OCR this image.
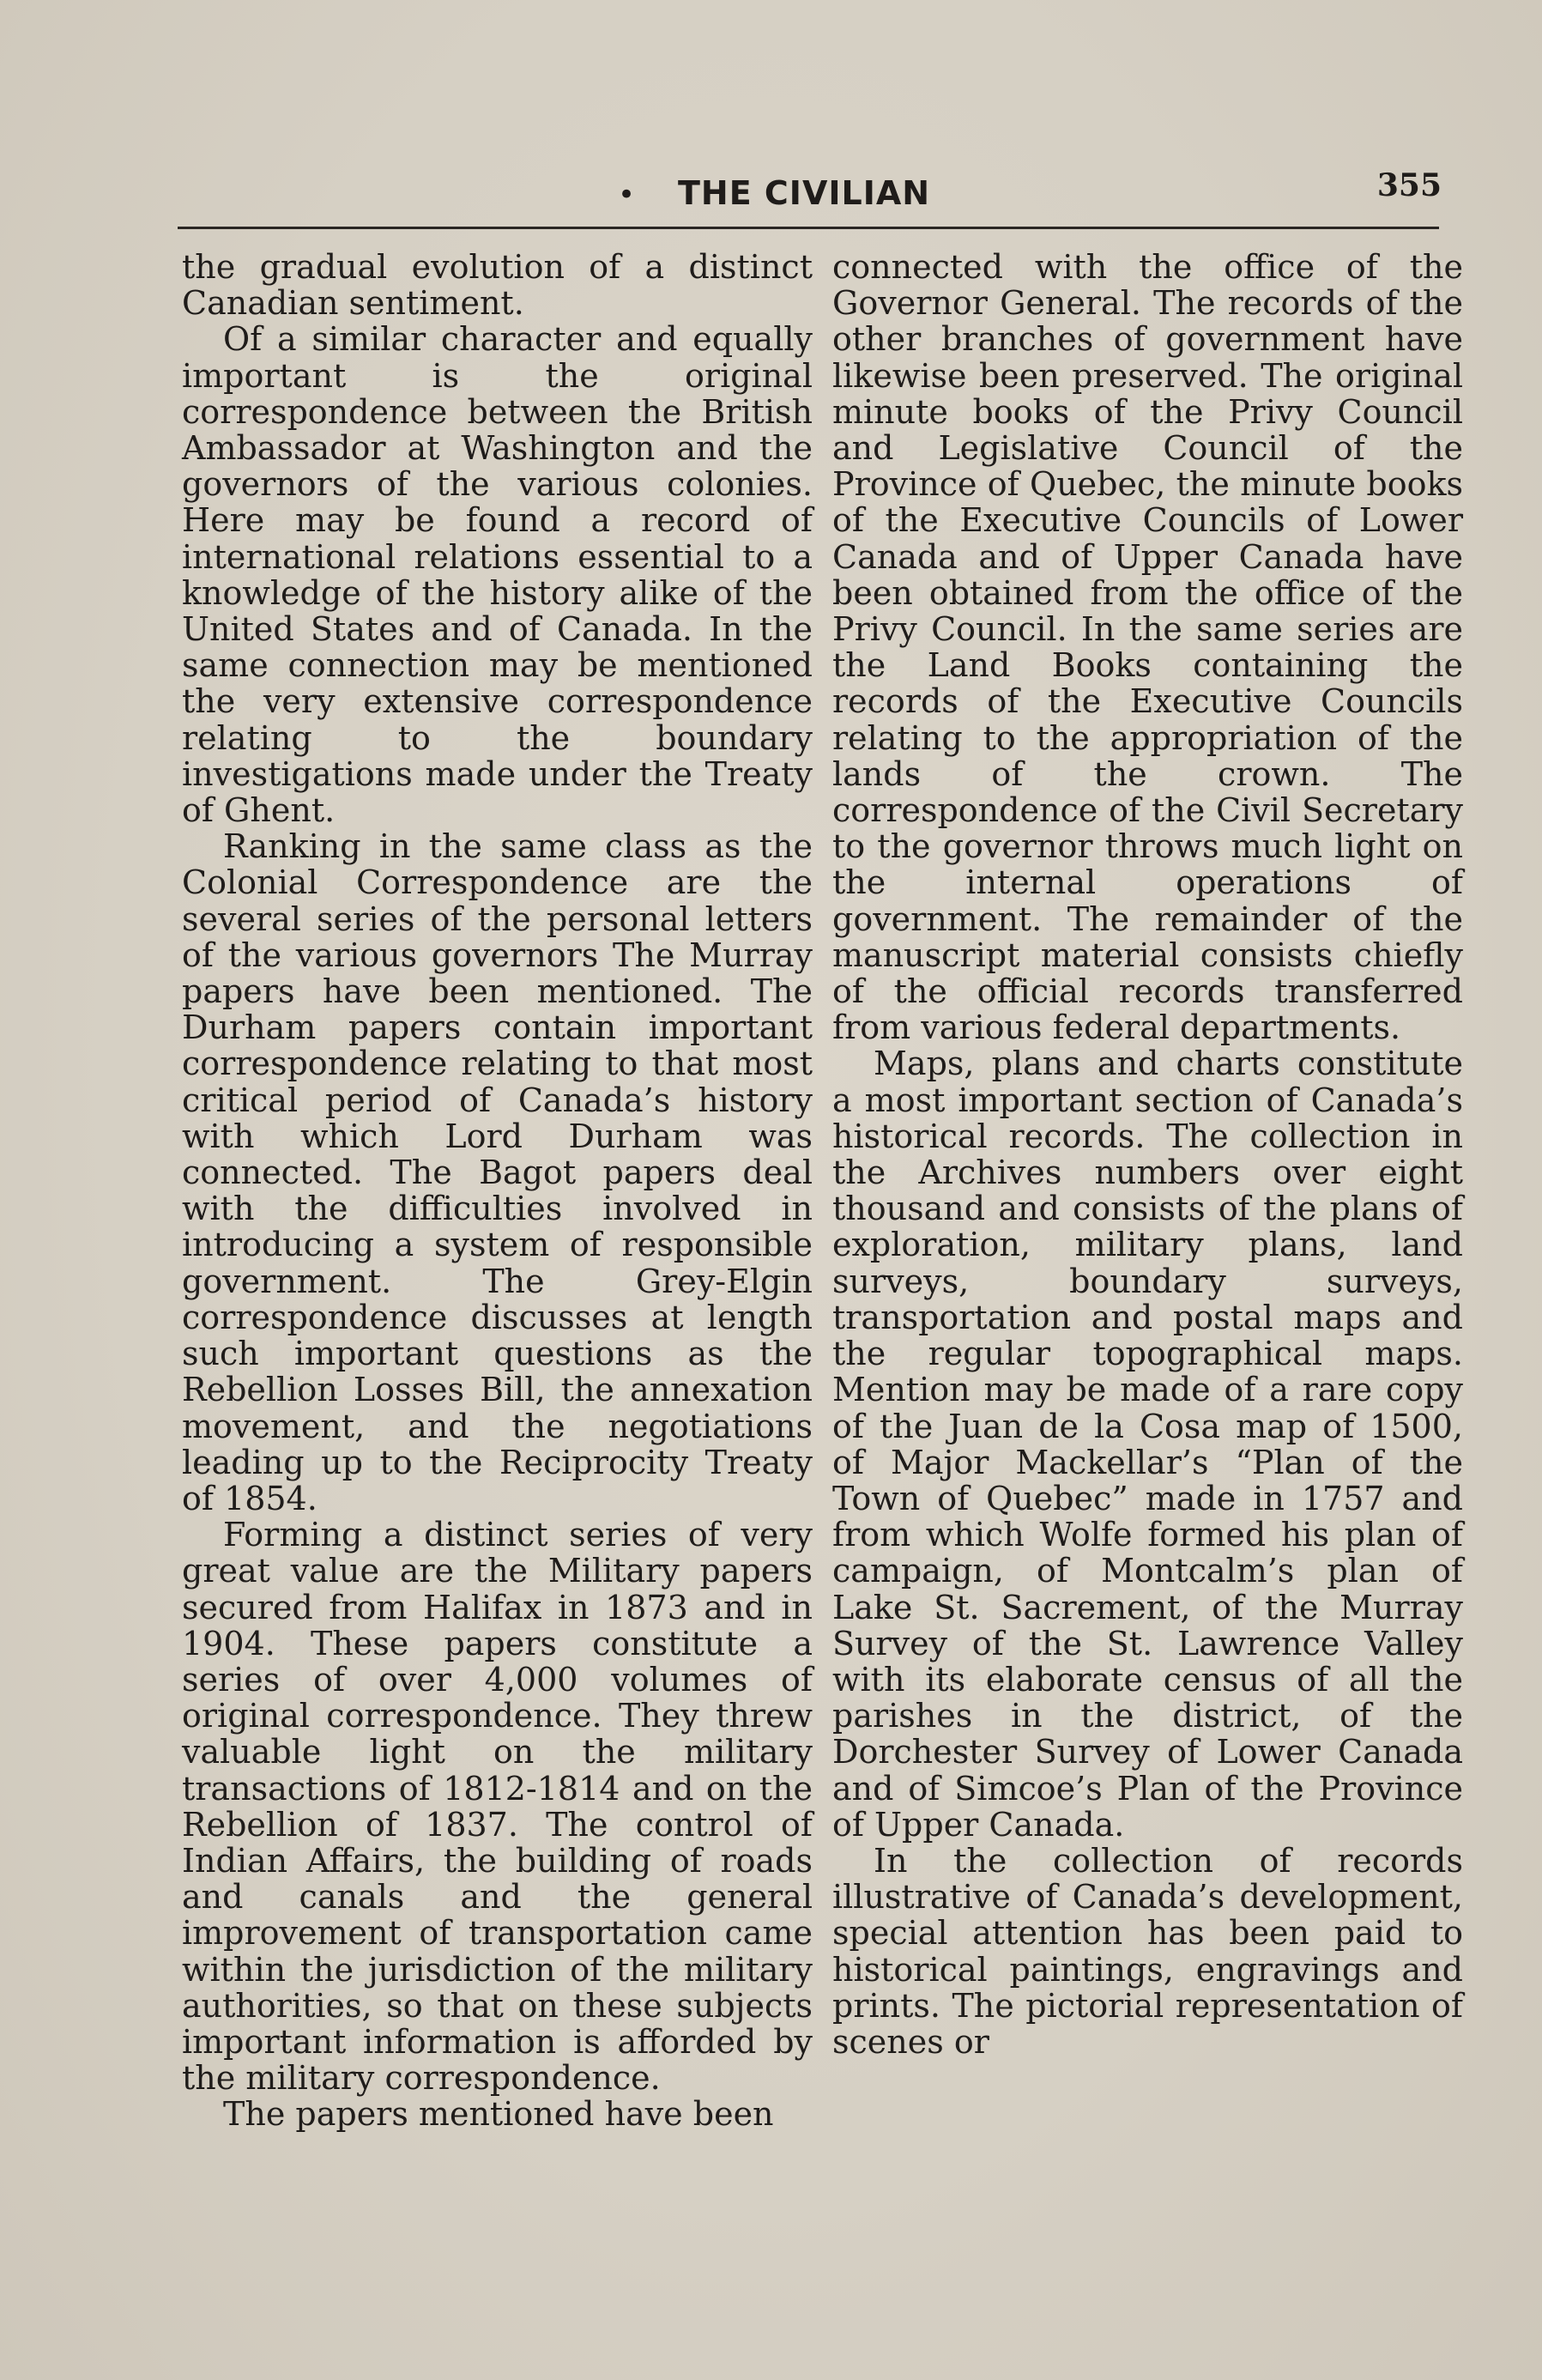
• THE CIVILIAN	355

the gradual evolution of a distinct Canadian sentiment.

Of a similar character and equally important is the original correspondence between the British Ambassador at Washington and the governors of the various colonies. Here may be found a record of international relations essential to a knowledge of the history alike of the United States and of Canada. In the same connection may be mentioned the very extensive correspondence relating to the boundary investigations made under the Treaty of Ghent.

Ranking in the same class as the Colonial Correspondence are the several series of the personal letters of the various governors The Murray papers have been mentioned. The Durham papers contain important correspondence relating to that most critical period of Canada’s history with which Lord Durham was connected. The Bagot papers deal with the difficulties involved in introducing a system of responsible government. The Grey-Elgin correspondence discusses at length such important questions as the Rebellion Losses Bill, the annexation movement, and the negotiations leading up to the Reciprocity Treaty of 1854.

Forming a distinct series of very great value are the Military papers secured from Halifax in 1873 and in 1904. These papers constitute a series of over 4,000 volumes of original correspondence. They threw valuable light on the military transactions of 1812-1814 and on the Rebellion of 1837. The control of Indian Affairs, the building of roads and canals and the general improvement of transportation came within the jurisdiction of the military authorities, so that on these subjects important information is afforded by the military correspondence.

The papers mentioned have been

connected with the office of the Governor General. The records of the other branches of government have likewise been preserved. The original minute books of the Privy Council and Legislative Council of the Province of Quebec, the minute books of the Executive Councils of Lower Canada and of Upper Canada have been obtained from the office of the Privy Council. In the same series are the Land Books containing the records of the Executive Councils relating to the appropriation of the lands of the crown. The correspondence of the Civil Secretary to the governor throws much light on the internal operations of government. The remainder of the manuscript material consists chiefly of the official records transferred from various federal departments.

Maps, plans and charts constitute a most important section of Canada’s historical records. The collection in the Archives numbers over eight thousand and consists of the plans of exploration, military plans, land surveys, boundary surveys, transportation and postal maps and the regular topographical maps. Mention may be made of a rare copy of the Juan de la Cosa map of 1500, of Major Mackellar’s “Plan of the Town of Quebec” made in 1757 and from which Wolfe formed his plan of campaign, of Montcalm’s plan of Lake St. Sacrement, of the Murray Survey of the St. Lawrence Valley with its elaborate census of all the parishes in the district, of the Dorchester Survey of Lower Canada and of Simcoe’s Plan of the Province of Upper Canada.

In the collection of records illustrative of Canada’s development, special attention has been paid to historical paintings, engravings and prints. The pictorial representation of scenes or
